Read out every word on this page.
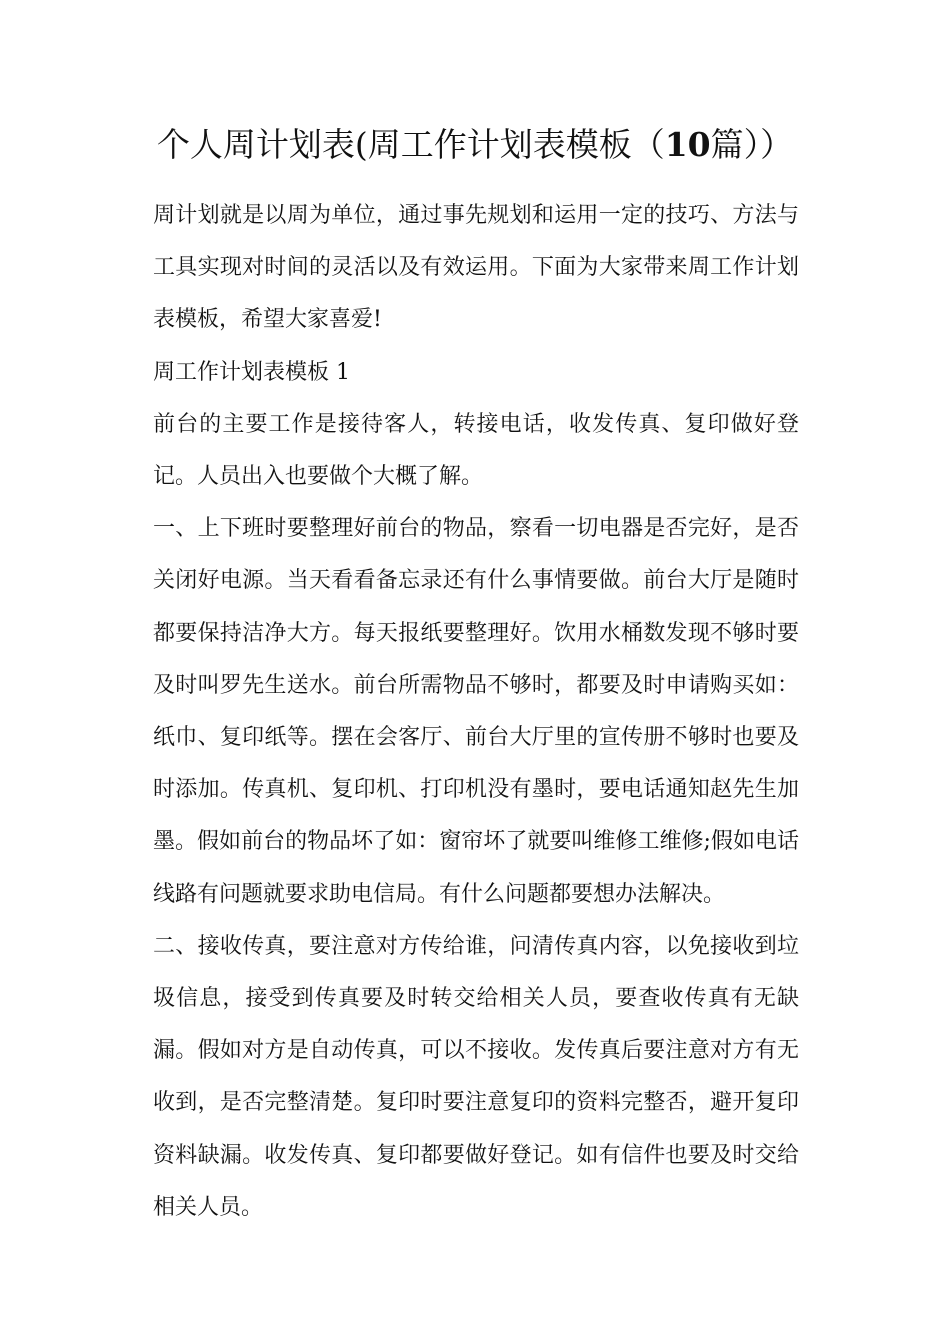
个人周计划表(周工作计划表模板（10篇））

周计划就是以周为单位，通过事先规划和运用一定的技巧、方法与工具实现对时间的灵活以及有效运用。下面为大家带来周工作计划表模板，希望大家喜爱!

周工作计划表模板 1

前台的主要工作是接待客人，转接电话，收发传真、复印做好登记。人员出入也要做个大概了解。

一、上下班时要整理好前台的物品，察看一切电器是否完好，是否关闭好电源。当天看看备忘录还有什么事情要做。前台大厅是随时都要保持洁净大方。每天报纸要整理好。饮用水桶数发现不够时要及时叫罗先生送水。前台所需物品不够时，都要及时申请购买如：纸巾、复印纸等。摆在会客厅、前台大厅里的宣传册不够时也要及时添加。传真机、复印机、打印机没有墨时，要电话通知赵先生加墨。假如前台的物品坏了如：窗帘坏了就要叫维修工维修;假如电话线路有问题就要求助电信局。有什么问题都要想办法解决。

二、接收传真，要注意对方传给谁，问清传真内容，以免接收到垃圾信息，接受到传真要及时转交给相关人员，要查收传真有无缺漏。假如对方是自动传真，可以不接收。发传真后要注意对方有无收到，是否完整清楚。复印时要注意复印的资料完整否，避开复印资料缺漏。收发传真、复印都要做好登记。如有信件也要及时交给相关人员。
